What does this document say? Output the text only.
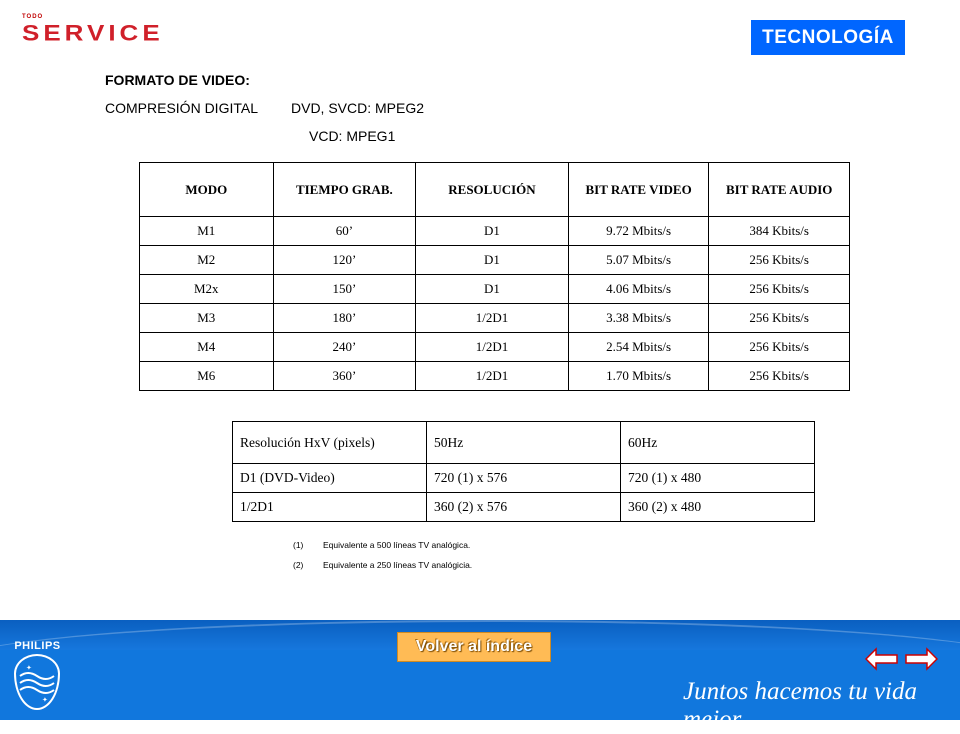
TODO
SERVICE	TECNOLOGÍA
FORMATO DE VIDEO:
COMPRESIÓN DIGITAL DVD, SVCD: MPEG2
VCD: MPEG1
MODO	TIEMPO GRAB.	RESOLUCIÓN	BIT RATE VIDEO	BIT RATE AUDIO
M1	60’	D1	9.72 Mbits/s	384 Kbits/s
M2	120’	D1	5.07 Mbits/s	256 Kbits/s
M2x	150’	D1	4.06 Mbits/s	256 Kbits/s
M3	180’	1/2D1	3.38 Mbits/s	256 Kbits/s
M4	240’	1/2D1	2.54 Mbits/s	256 Kbits/s
M6	360’	1/2D1	1.70 Mbits/s	256 Kbits/s
Resolución HxV (pixels)	50Hz	60Hz
D1 (DVD-Video)	720 (1) x 576	720 (1) x 480
1/2D1	360 (2) x 576	360 (2) x 480
(1)	Equivalente a 500 líneas TV analógica.
(2)	Equivalente a 250 líneas TV analógicia.
Volver al índice
PHILIPS
✦
✦	Juntos hacemos tu vida mejor
